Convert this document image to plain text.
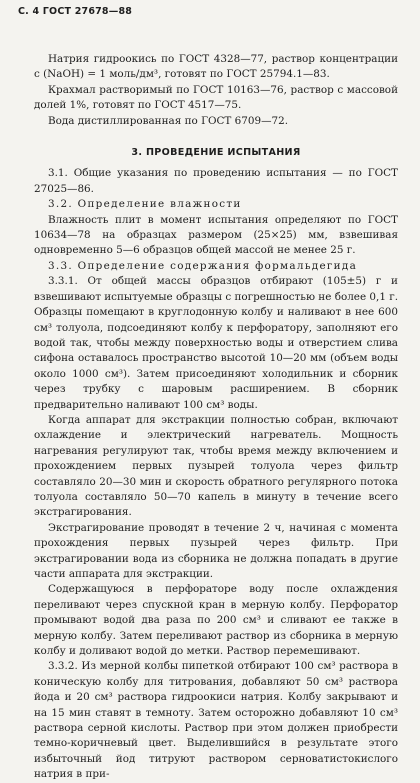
С. 4 ГОСТ 27678—88

Натрия гидроокись по ГОСТ 4328—77, раствор концентрации c (NaOH) = 1 моль/дм³, готовят по ГОСТ 25794.1—83.

Крахмал растворимый по ГОСТ 10163—76, раствор с массовой долей 1%, готовят по ГОСТ 4517—75.

Вода дистиллированная по ГОСТ 6709—72.

3. ПРОВЕДЕНИЕ ИСПЫТАНИЯ

3.1. Общие указания по проведению испытания — по ГОСТ 27025—86.

3.2. Определение влажности

Влажность плит в момент испытания определяют по ГОСТ 10634—78 на образцах размером (25×25) мм, взвешивая одновременно 5—6 образцов общей массой не менее 25 г.

3.3. Определение содержания формальдегида

3.3.1. От общей массы образцов отбирают (105±5) г и взвешивают испытуемые образцы с погрешностью не более 0,1 г. Образцы помещают в круглодонную колбу и наливают в нее 600 см³ толуола, подсоединяют колбу к перфоратору, заполняют его водой так, чтобы между поверхностью воды и отверстием слива сифона оставалось пространство высотой 10—20 мм (объем воды около 1000 см³). Затем присоединяют холодильник и сборник через трубку с шаровым расширением. В сборник предварительно наливают 100 см³ воды.

Когда аппарат для экстракции полностью собран, включают охлаждение и электрический нагреватель. Мощность нагревания регулируют так, чтобы время между включением и прохождением первых пузырей толуола через фильтр составляло 20—30 мин и скорость обратного регулярного потока толуола составляло 50—70 капель в минуту в течение всего экстрагирования.

Экстрагирование проводят в течение 2 ч, начиная с момента прохождения первых пузырей через фильтр. При экстрагировании вода из сборника не должна попадать в другие части аппарата для экстракции.

Содержащуюся в перфораторе воду после охлаждения переливают через спускной кран в мерную колбу. Перфоратор промывают водой два раза по 200 см³ и сливают ее также в мерную колбу. Затем переливают раствор из сборника в мерную колбу и доливают водой до метки. Раствор перемешивают.

3.3.2. Из мерной колбы пипеткой отбирают 100 см³ раствора в коническую колбу для титрования, добавляют 50 см³ раствора йода и 20 см³ раствора гидроокиси натрия. Колбу закрывают и на 15 мин ставят в темноту. Затем осторожно добавляют 10 см³ раствора серной кислоты. Раствор при этом должен приобрести темно-коричневый цвет. Выделившийся в результате этого избыточный йод титруют раствором серноватистокислого натрия в при-
